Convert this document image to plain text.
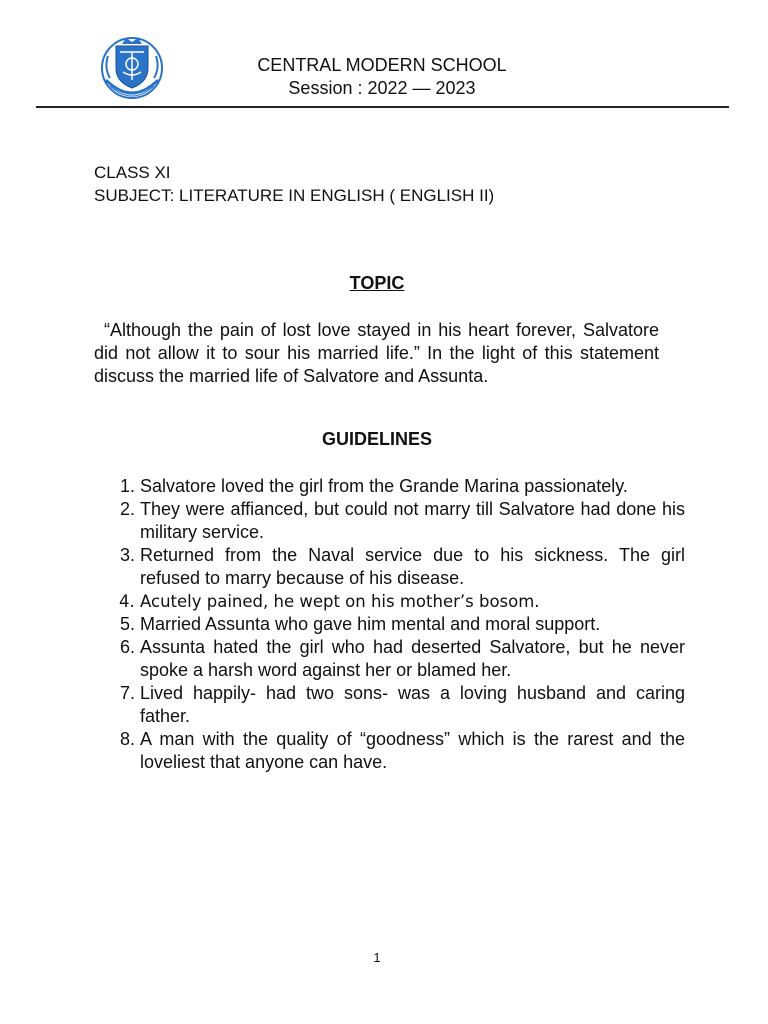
CENTRAL MODERN SCHOOL
Session : 2022 — 2023
CLASS XI
SUBJECT: LITERATURE IN ENGLISH ( ENGLISH II)
TOPIC
“Although the pain of lost love stayed in his heart forever, Salvatore did not allow it to sour his married life.” In the light of this statement discuss the married life of Salvatore and Assunta.
GUIDELINES
1. Salvatore loved the girl from the Grande Marina passionately.
2. They were affianced, but could not marry till Salvatore had done his military service.
3. Returned from the Naval service due to his sickness. The girl refused to marry because of his disease.
4. Acutely pained, he wept on his mother’s bosom.
5. Married Assunta who gave him mental and moral support.
6. Assunta hated the girl who had deserted Salvatore, but he never spoke a harsh word against her or blamed her.
7. Lived happily- had two sons- was a loving husband and caring father.
8. A man with the quality of “goodness” which is the rarest and the loveliest that anyone can have.
1
